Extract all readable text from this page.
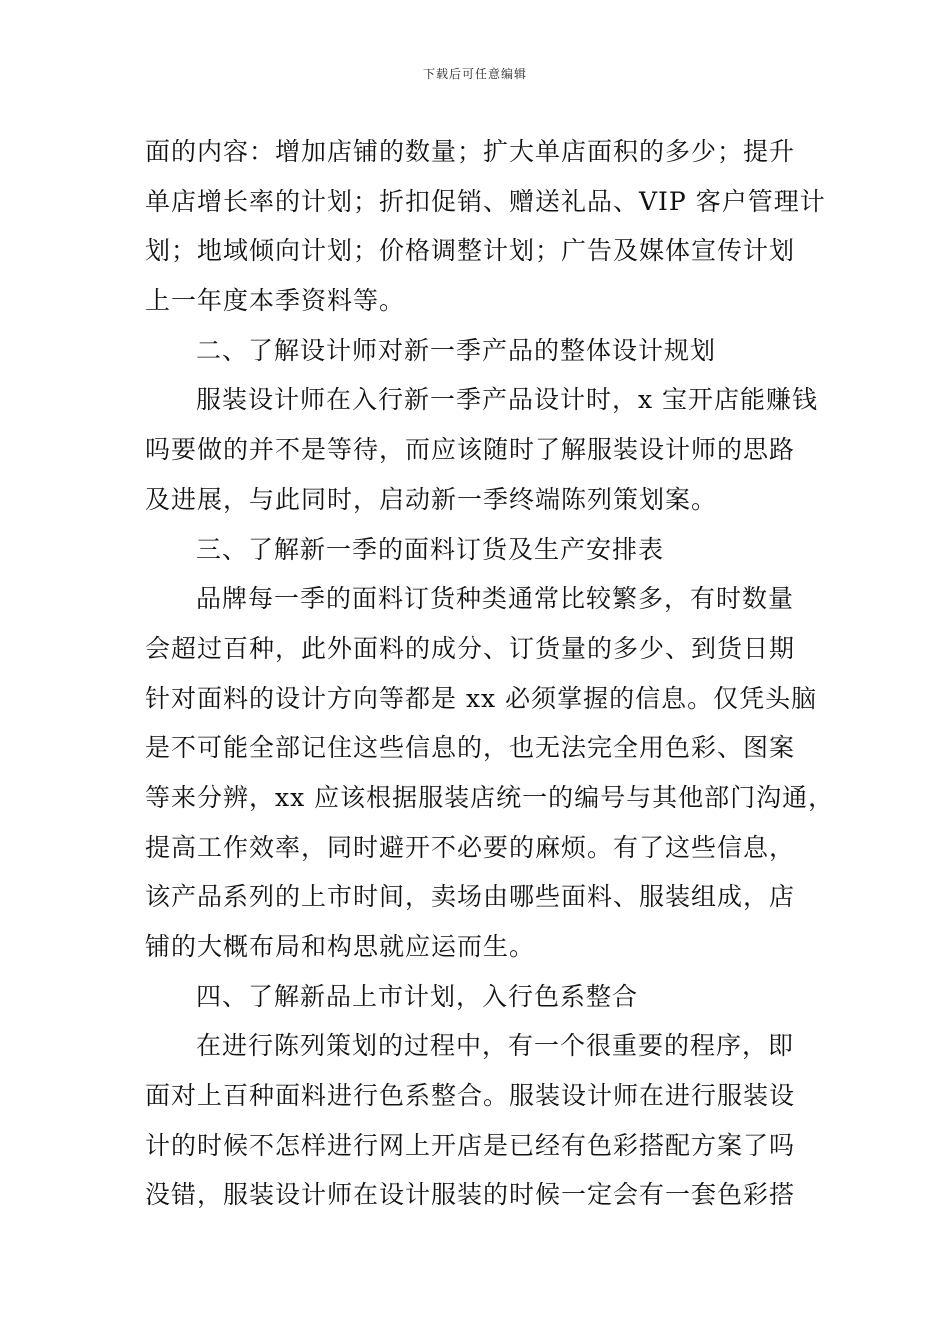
下载后可任意编辑
面的内容：增加店铺的数量；扩大单店面积的多少；提升
单店增长率的计划；折扣促销、赠送礼品、VIP 客户管理计
划；地域倾向计划；价格调整计划；广告及媒体宣传计划
上一年度本季资料等。
二、了解设计师对新一季产品的整体设计规划
服装设计师在入行新一季产品设计时，x 宝开店能赚钱
吗要做的并不是等待，而应该随时了解服装设计师的思路
及进展，与此同时，启动新一季终端陈列策划案。
三、了解新一季的面料订货及生产安排表
品牌每一季的面料订货种类通常比较繁多，有时数量
会超过百种，此外面料的成分、订货量的多少、到货日期
针对面料的设计方向等都是 xx 必须掌握的信息。仅凭头脑
是不可能全部记住这些信息的，也无法完全用色彩、图案
等来分辨，xx 应该根据服装店统一的编号与其他部门沟通，
提高工作效率，同时避开不必要的麻烦。有了这些信息，
该产品系列的上市时间，卖场由哪些面料、服装组成，店
铺的大概布局和构思就应运而生。
四、了解新品上市计划，入行色系整合
在进行陈列策划的过程中，有一个很重要的程序，即
面对上百种面料进行色系整合。服装设计师在进行服装设
计的时候不怎样进行网上开店是已经有色彩搭配方案了吗
没错，服装设计师在设计服装的时候一定会有一套色彩搭
